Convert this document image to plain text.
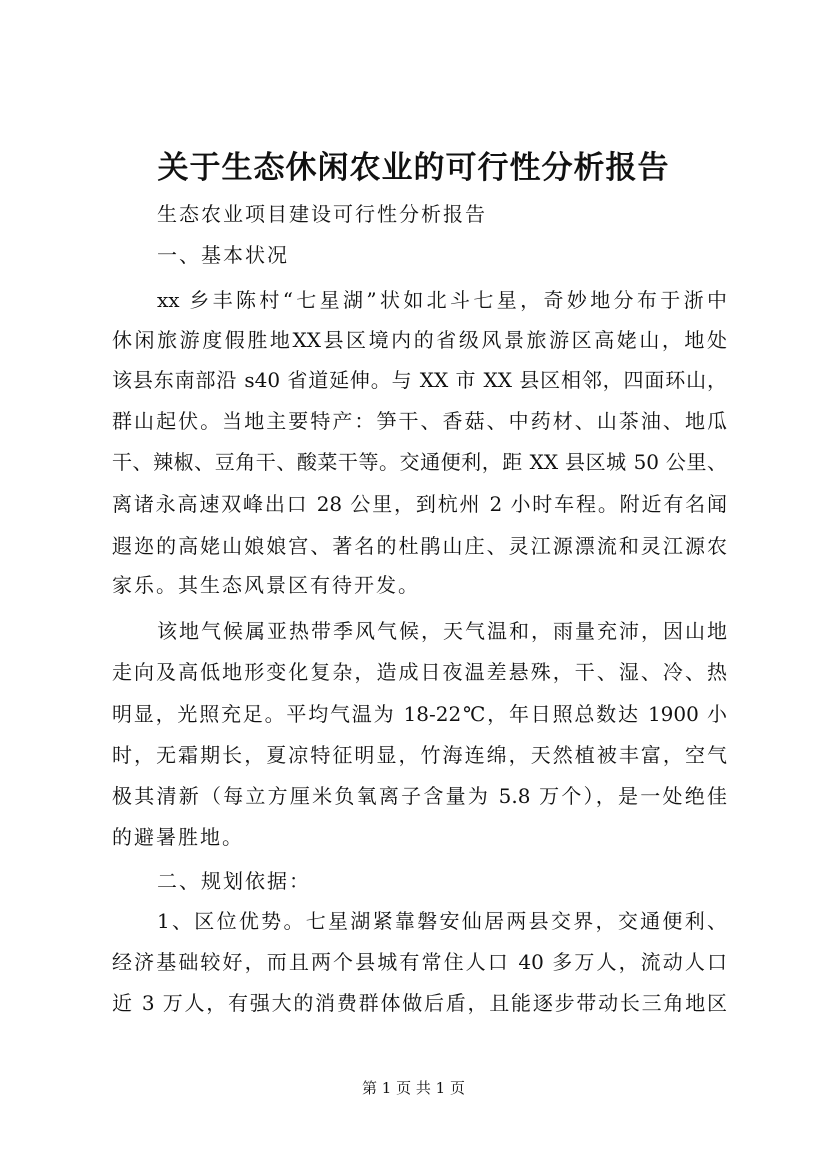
关于生态休闲农业的可行性分析报告
生态农业项目建设可行性分析报告
一、基本状况
xx 乡丰陈村“七星湖”状如北斗七星，奇妙地分布于浙中
休闲旅游度假胜地XX县区境内的省级风景旅游区高姥山，地处
该县东南部沿 s40 省道延伸。与 XX 市 XX 县区相邻，四面环山，
群山起伏。当地主要特产：笋干、香菇、中药材、山茶油、地瓜
干、辣椒、豆角干、酸菜干等。交通便利，距 XX 县区城 50 公里、
离诸永高速双峰出口 28 公里，到杭州 2 小时车程。附近有名闻
遐迩的高姥山娘娘宫、著名的杜鹃山庄、灵江源漂流和灵江源农
家乐。其生态风景区有待开发。
该地气候属亚热带季风气候，天气温和，雨量充沛，因山地
走向及高低地形变化复杂，造成日夜温差悬殊，干、湿、冷、热
明显，光照充足。平均气温为 18-22℃，年日照总数达 1900 小
时，无霜期长，夏凉特征明显，竹海连绵，天然植被丰富，空气
极其清新（每立方厘米负氧离子含量为 5.8 万个），是一处绝佳
的避暑胜地。
二、规划依据：
1、区位优势。七星湖紧靠磐安仙居两县交界，交通便利、
经济基础较好，而且两个县城有常住人口 40 多万人，流动人口
近 3 万人，有强大的消费群体做后盾，且能逐步带动长三角地区
第 1 页 共 1 页
